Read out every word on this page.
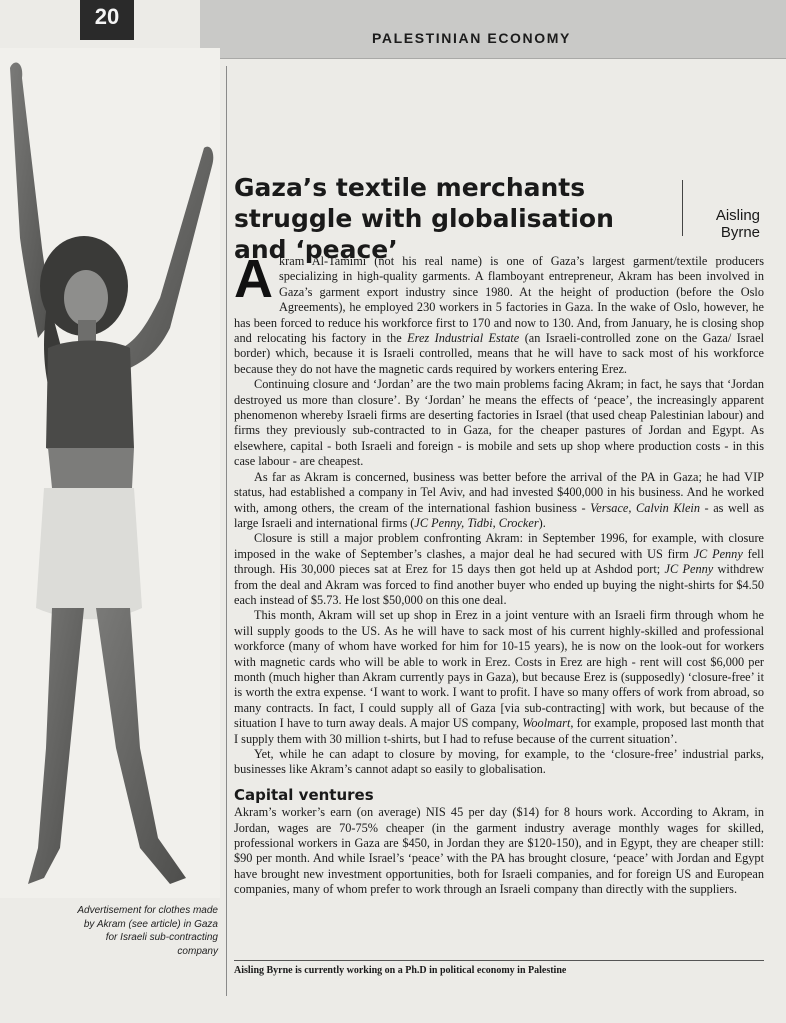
PALESTINIAN ECONOMY
20
Advertisement for clothes made by Akram (see article) in Gaza for Israeli sub-contracting company
Gaza’s textile merchants struggle with globalisation and ‘peace’
Aisling
Byrne

Akram Al-Tamimi (not his real name) is one of Gaza’s largest garment/textile producers specializing in high-quality garments. A flamboyant entrepreneur, Akram has been involved in Gaza’s garment export industry since 1980. At the height of production (before the Oslo Agreements), he employed 230 workers in 5 factories in Gaza. In the wake of Oslo, however, he has been forced to reduce his workforce first to 170 and now to 130. And, from January, he is closing shop and relocating his factory in the Erez Industrial Estate (an Israeli-controlled zone on the Gaza/ Israel border) which, because it is Israeli controlled, means that he will have to sack most of his workforce because they do not have the magnetic cards required by workers entering Erez.

Continuing closure and ‘Jordan’ are the two main problems facing Akram; in fact, he says that ‘Jordan destroyed us more than closure’. By ‘Jordan’ he means the effects of ‘peace’, the increasingly apparent phenomenon whereby Israeli firms are deserting factories in Israel (that used cheap Palestinian labour) and firms they previously sub-contracted to in Gaza, for the cheaper pastures of Jordan and Egypt. As elsewhere, capital - both Israeli and foreign - is mobile and sets up shop where production costs - in this case labour - are cheapest.

As far as Akram is concerned, business was better before the arrival of the PA in Gaza; he had VIP status, had established a company in Tel Aviv, and had invested $400,000 in his business. And he worked with, among others, the cream of the international fashion business - Versace, Calvin Klein - as well as large Israeli and international firms (JC Penny, Tidbi, Crocker).

Closure is still a major problem confronting Akram: in September 1996, for example, with closure imposed in the wake of September’s clashes, a major deal he had secured with US firm JC Penny fell through. His 30,000 pieces sat at Erez for 15 days then got held up at Ashdod port; JC Penny withdrew from the deal and Akram was forced to find another buyer who ended up buying the night-shirts for $4.50 each instead of $5.73. He lost $50,000 on this one deal.

This month, Akram will set up shop in Erez in a joint venture with an Israeli firm through whom he will supply goods to the US. As he will have to sack most of his current highly-skilled and professional workforce (many of whom have worked for him for 10-15 years), he is now on the look-out for workers with magnetic cards who will be able to work in Erez. Costs in Erez are high - rent will cost $6,000 per month (much higher than Akram currently pays in Gaza), but because Erez is (supposedly) ‘closure-free’ it is worth the extra expense. ‘I want to work. I want to profit. I have so many offers of work from abroad, so many contracts. In fact, I could supply all of Gaza [via sub-contracting] with work, but because of the situation I have to turn away deals. A major US company, Woolmart, for example, proposed last month that I supply them with 30 million t-shirts, but I had to refuse because of the current situation’.

Yet, while he can adapt to closure by moving, for example, to the ‘closure-free’ industrial parks, businesses like Akram’s cannot adapt so easily to globalisation.

Capital ventures

Akram’s worker’s earn (on average) NIS 45 per day ($14) for 8 hours work. According to Akram, in Jordan, wages are 70-75% cheaper (in the garment industry average monthly wages for skilled, professional workers in Gaza are $450, in Jordan they are $120-150), and in Egypt, they are cheaper still: $90 per month. And while Israel’s ‘peace’ with the PA has brought closure, ‘peace’ with Jordan and Egypt have brought new investment opportunities, both for Israeli companies, and for foreign US and European companies, many of whom prefer to work through an Israeli company than directly with the suppliers.

Aisling Byrne is currently working on a Ph.D in political economy in Palestine
